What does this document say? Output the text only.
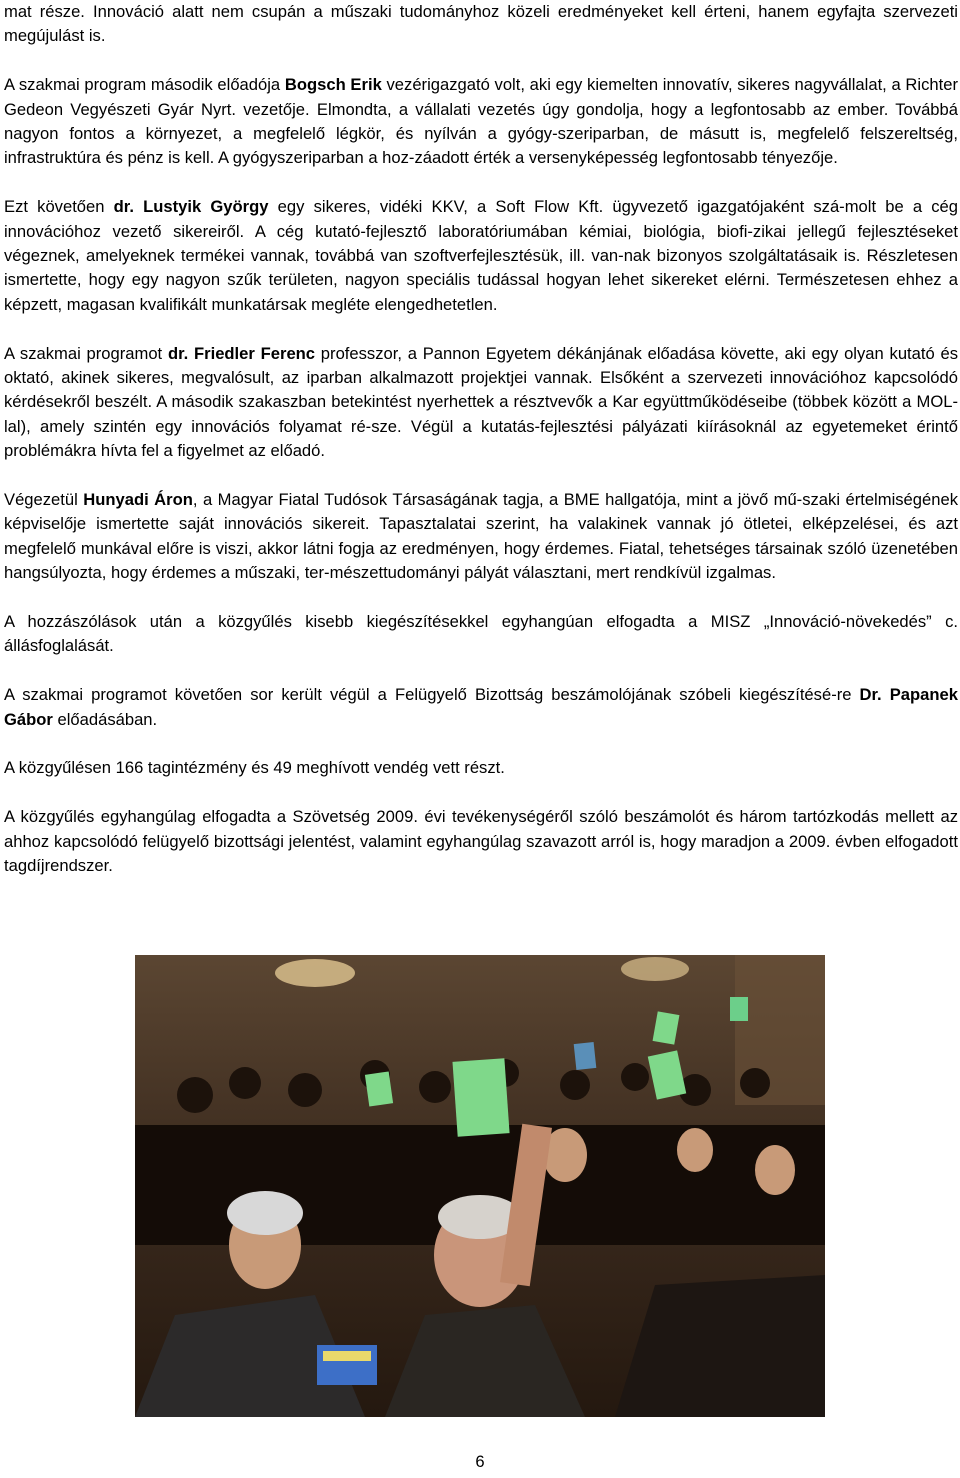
mat része. Innováció alatt nem csupán a műszaki tudományhoz közeli eredményeket kell érteni, hanem egyfajta szervezeti megújulást is.

A szakmai program második előadója Bogsch Erik vezérigazgató volt, aki egy kiemelten innovatív, sikeres nagyvállalat, a Richter Gedeon Vegyészeti Gyár Nyrt. vezetője. Elmondta, a vállalati vezetés úgy gondolja, hogy a legfontosabb az ember. Továbbá nagyon fontos a környezet, a megfelelő légkör, és nyílván a gyógy-szeriparban, de másutt is, megfelelő felszereltség, infrastruktúra és pénz is kell. A gyógyszeriparban a hoz-záadott érték a versenyképesség legfontosabb tényezője.

Ezt követően dr. Lustyik György egy sikeres, vidéki KKV, a Soft Flow Kft. ügyvezető igazgatójaként szá-molt be a cég innovációhoz vezető sikereiről. A cég kutató-fejlesztő laboratóriumában kémiai, biológia, biofi-zikai jellegű fejlesztéseket végeznek, amelyeknek termékei vannak, továbbá van szoftverfejlesztésük, ill. van-nak bizonyos szolgáltatásaik is. Részletesen ismertette, hogy egy nagyon szűk területen, nagyon speciális tudással hogyan lehet sikereket elérni. Természetesen ehhez a képzett, magasan kvalifikált munkatársak megléte elengedhetetlen.

A szakmai programot dr. Friedler Ferenc professzor, a Pannon Egyetem dékánjának előadása követte, aki egy olyan kutató és oktató, akinek sikeres, megvalósult, az iparban alkalmazott projektjei vannak. Elsőként a szervezeti innovációhoz kapcsolódó kérdésekről beszélt. A második szakaszban betekintést nyerhettek a résztvevők a Kar együttműködéseibe (többek között a MOL-lal), amely szintén egy innovációs folyamat ré-sze. Végül a kutatás-fejlesztési pályázati kiírásoknál az egyetemeket érintő problémákra hívta fel a figyelmet az előadó.

Végezetül Hunyadi Áron, a Magyar Fiatal Tudósok Társaságának tagja, a BME hallgatója, mint a jövő mű-szaki értelmiségének képviselője ismertette saját innovációs sikereit. Tapasztalatai szerint, ha valakinek vannak jó ötletei, elképzelései, és azt megfelelő munkával előre is viszi, akkor látni fogja az eredményen, hogy érdemes. Fiatal, tehetséges társainak szóló üzenetében hangsúlyozta, hogy érdemes a műszaki, ter-mészettudományi pályát választani, mert rendkívül izgalmas.

A hozzászólások után a közgyűlés kisebb kiegészítésekkel egyhangúan elfogadta a MISZ „Innováció-növekedés” c. állásfoglalását.

A szakmai programot követően sor került végül a Felügyelő Bizottság beszámolójának szóbeli kiegészítésé-re Dr. Papanek Gábor előadásában.

A közgyűlésen 166 tagintézmény és 49 meghívott vendég vett részt.

A közgyűlés egyhangúlag elfogadta a Szövetség 2009. évi tevékenységéről szóló beszámolót és három tartózkodás mellett az ahhoz kapcsolódó felügyelő bizottsági jelentést, valamint egyhangúlag szavazott arról is, hogy maradjon a 2009. évben elfogadott tagdíjrendszer.

6
